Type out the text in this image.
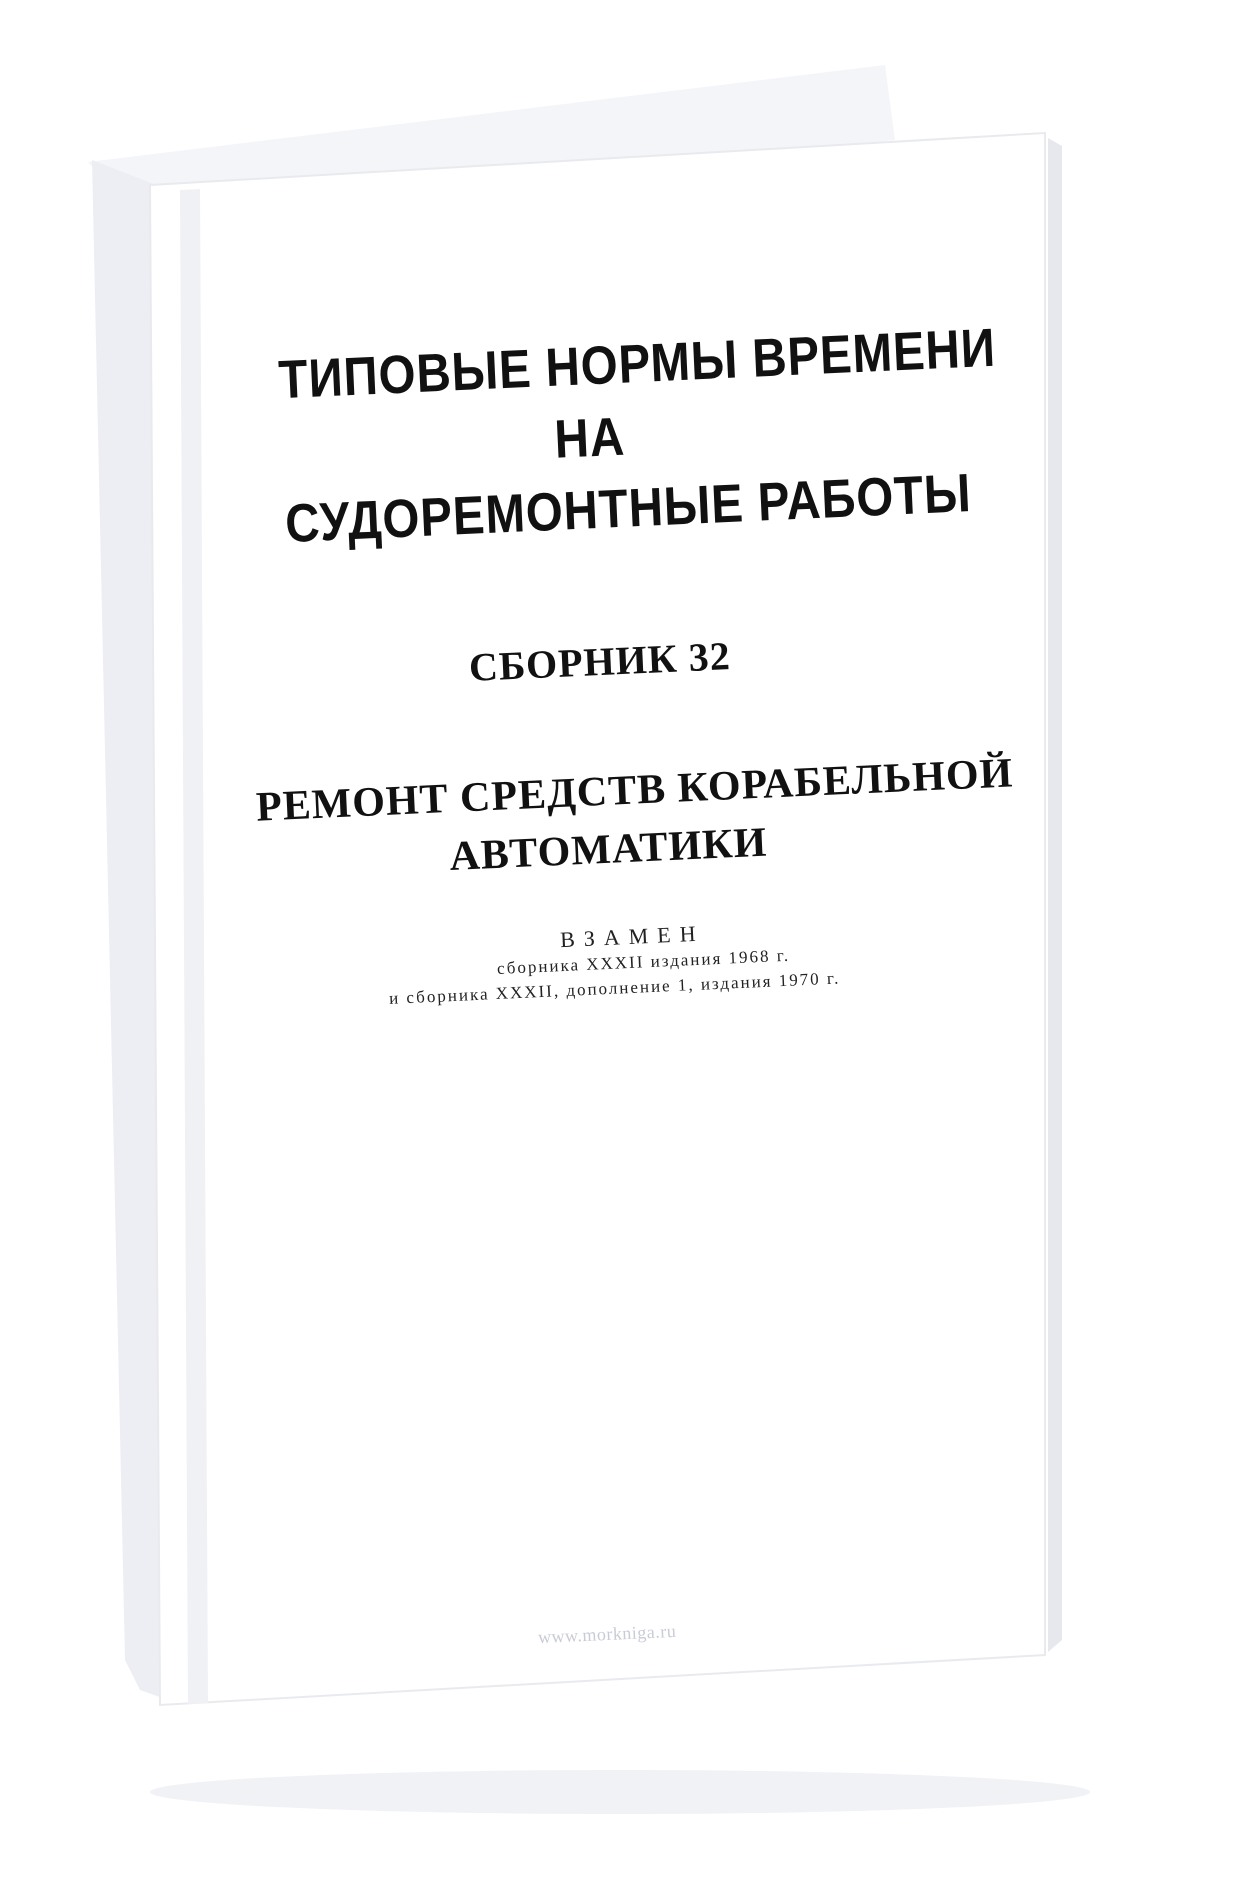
ТИПОВЫЕ НОРМЫ ВРЕМЕНИ
НА
СУДОРЕМОНТНЫЕ РАБОТЫ
СБОРНИК 32
РЕМОНТ СРЕДСТВ КОРАБЕЛЬНОЙ
АВТОМАТИКИ
ВЗАМЕН
сборника XXXII издания 1968 г.
и сборника XXXII, дополнение 1, издания 1970 г.
www.morkniga.ru
